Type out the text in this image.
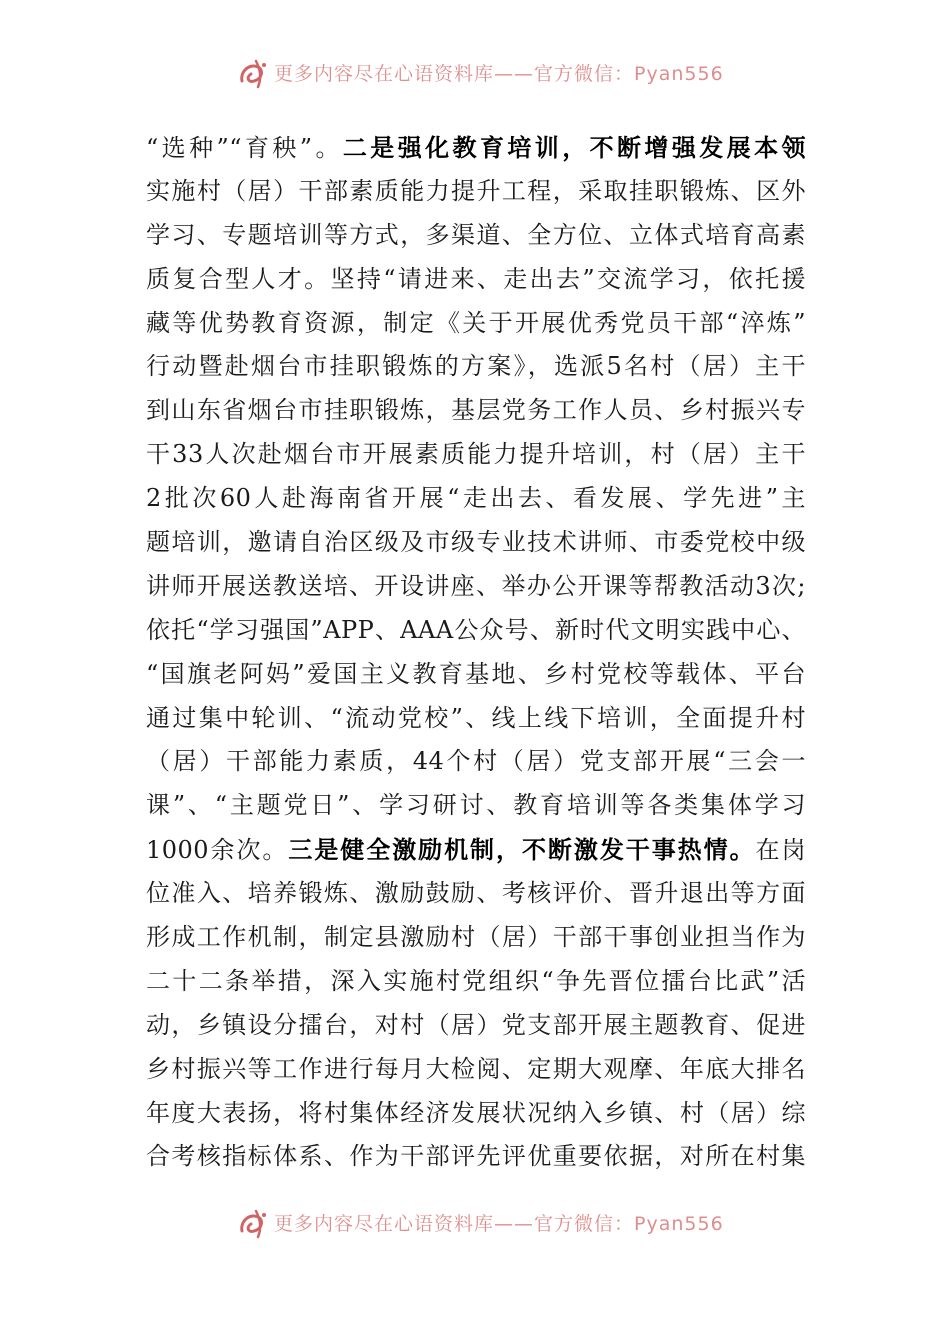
更多内容尽在心语资料库——官方微信：Pyan556
“选种”“育秧”。二是强化教育培训，不断增强发展本领
实施村（居）干部素质能力提升工程，采取挂职锻炼、区外
学习、专题培训等方式，多渠道、全方位、立体式培育高素
质复合型人才。坚持“请进来、走出去”交流学习，依托援
藏等优势教育资源，制定《关于开展优秀党员干部“淬炼”
行动暨赴烟台市挂职锻炼的方案》，选派5名村（居）主干
到山东省烟台市挂职锻炼，基层党务工作人员、乡村振兴专
干33人次赴烟台市开展素质能力提升培训，村（居）主干
2批次60人赴海南省开展“走出去、看发展、学先进”主
题培训，邀请自治区级及市级专业技术讲师、市委党校中级
讲师开展送教送培、开设讲座、举办公开课等帮教活动3次;
依托“学习强国”APP、AAA公众号、新时代文明实践中心、
“国旗老阿妈”爱国主义教育基地、乡村党校等载体、平台
通过集中轮训、“流动党校”、线上线下培训，全面提升村
（居）干部能力素质，44个村（居）党支部开展“三会一
课”、“主题党日”、学习研讨、教育培训等各类集体学习
1000余次。三是健全激励机制，不断激发干事热情。在岗
位准入、培养锻炼、激励鼓励、考核评价、晋升退出等方面
形成工作机制，制定县激励村（居）干部干事创业担当作为
二十二条举措，深入实施村党组织“争先晋位擂台比武”活
动，乡镇设分擂台，对村（居）党支部开展主题教育、促进
乡村振兴等工作进行每月大检阅、定期大观摩、年底大排名
年度大表扬，将村集体经济发展状况纳入乡镇、村（居）综
合考核指标体系、作为干部评先评优重要依据，对所在村集
更多内容尽在心语资料库——官方微信：Pyan556
